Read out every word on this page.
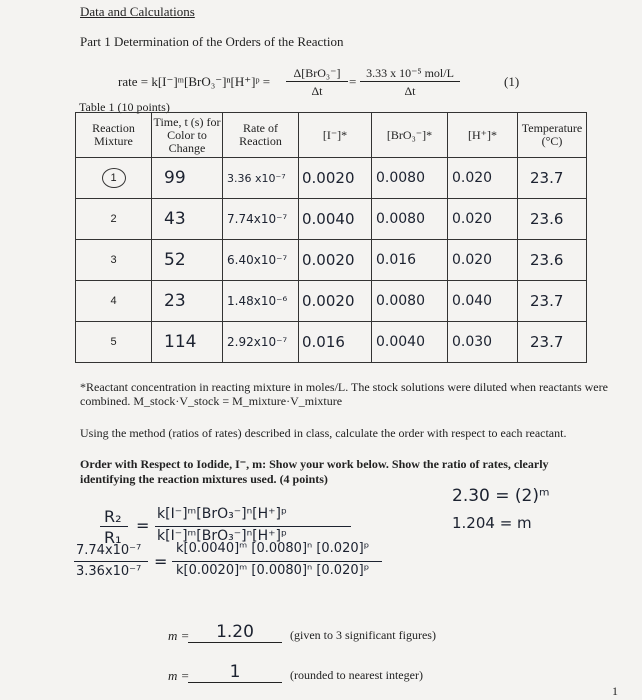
Data and Calculations
Part 1 Determination of the Orders of the Reaction
rate = k[I⁻]ᵐ[BrO₃⁻]ⁿ[H⁺]ᵖ =
Δ[BrO₃⁻]
Δt
=
3.33 x 10⁻⁵ mol/L
Δt
(1)
Table 1 (10 points)
Reaction Mixture	Time, t (s) for Color to Change	Rate of Reaction	[I⁻]*	[BrO₃⁻]*	[H⁺]*	Temperature (°C)
1	99	3.36 x10⁻⁷	0.0020	0.0080	0.020	23.7
2	43	7.74x10⁻⁷	0.0040	0.0080	0.020	23.6
3	52	6.40x10⁻⁷	0.0020	0.016	0.020	23.6
4	23	1.48x10⁻⁶	0.0020	0.0080	0.040	23.7
5	114	2.92x10⁻⁷	0.016	0.0040	0.030	23.7
*Reactant concentration in reacting mixture in moles/L. The stock solutions were diluted when reactants were combined. M_stock·V_stock = M_mixture·V_mixture
Using the method (ratios of rates) described in class, calculate the order with respect to each reactant.
Order with Respect to Iodide, I⁻, m: Show your work below. Show the ratio of rates, clearly identifying the reaction mixtures used. (4 points)
R₂
R₁
=
k[I⁻]ᵐ[BrO₃⁻]ⁿ[H⁺]ᵖ
k[I⁻]ᵐ[BrO₃⁻]ⁿ[H⁺]ᵖ
2.30 = (2)ᵐ
1.204 = m
7.74x10⁻⁷
3.36x10⁻⁷
=
k[0.0040]ᵐ [0.0080]ⁿ [0.020]ᵖ
k[0.0020]ᵐ [0.0080]ⁿ [0.020]ᵖ
m =	1.20	(given to 3 significant figures)
m =	1	(rounded to nearest integer)
1
